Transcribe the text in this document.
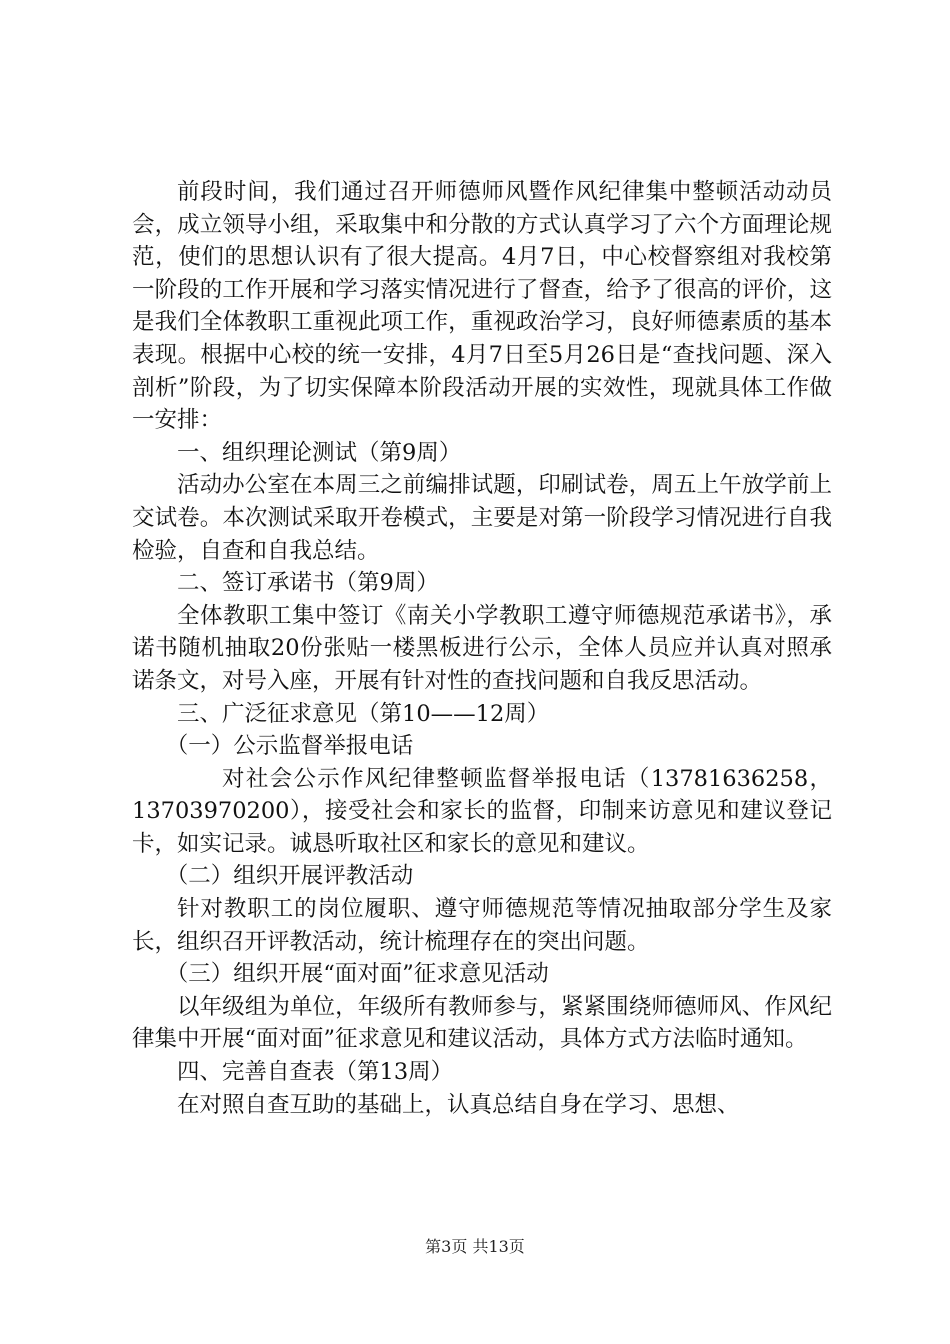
前段时间，我们通过召开师德师风暨作风纪律集中整顿活动动员会，成立领导小组，采取集中和分散的方式认真学习了六个方面理论规范，使们的思想认识有了很大提高。4月7日，中心校督察组对我校第一阶段的工作开展和学习落实情况进行了督查，给予了很高的评价，这是我们全体教职工重视此项工作，重视政治学习，良好师德素质的基本表现。根据中心校的统一安排，4月7日至5月26日是“查找问题、深入剖析”阶段，为了切实保障本阶段活动开展的实效性，现就具体工作做一安排：

一、组织理论测试（第9周）

活动办公室在本周三之前编排试题，印刷试卷，周五上午放学前上交试卷。本次测试采取开卷模式，主要是对第一阶段学习情况进行自我检验，自查和自我总结。

二、签订承诺书（第9周）

全体教职工集中签订《南关小学教职工遵守师德规范承诺书》，承诺书随机抽取20份张贴一楼黑板进行公示，全体人员应并认真对照承诺条文，对号入座，开展有针对性的查找问题和自我反思活动。

三、广泛征求意见（第10——12周）

（一）公示监督举报电话

对社会公示作风纪律整顿监督举报电话（13781636258，13703970200），接受社会和家长的监督，印制来访意见和建议登记卡，如实记录。诚恳听取社区和家长的意见和建议。

（二）组织开展评教活动

针对教职工的岗位履职、遵守师德规范等情况抽取部分学生及家长，组织召开评教活动，统计梳理存在的突出问题。

（三）组织开展“面对面”征求意见活动

以年级组为单位，年级所有教师参与，紧紧围绕师德师风、作风纪律集中开展“面对面”征求意见和建议活动，具体方式方法临时通知。

四、完善自查表（第13周）

在对照自查互助的基础上，认真总结自身在学习、思想、

第3页 共13页
